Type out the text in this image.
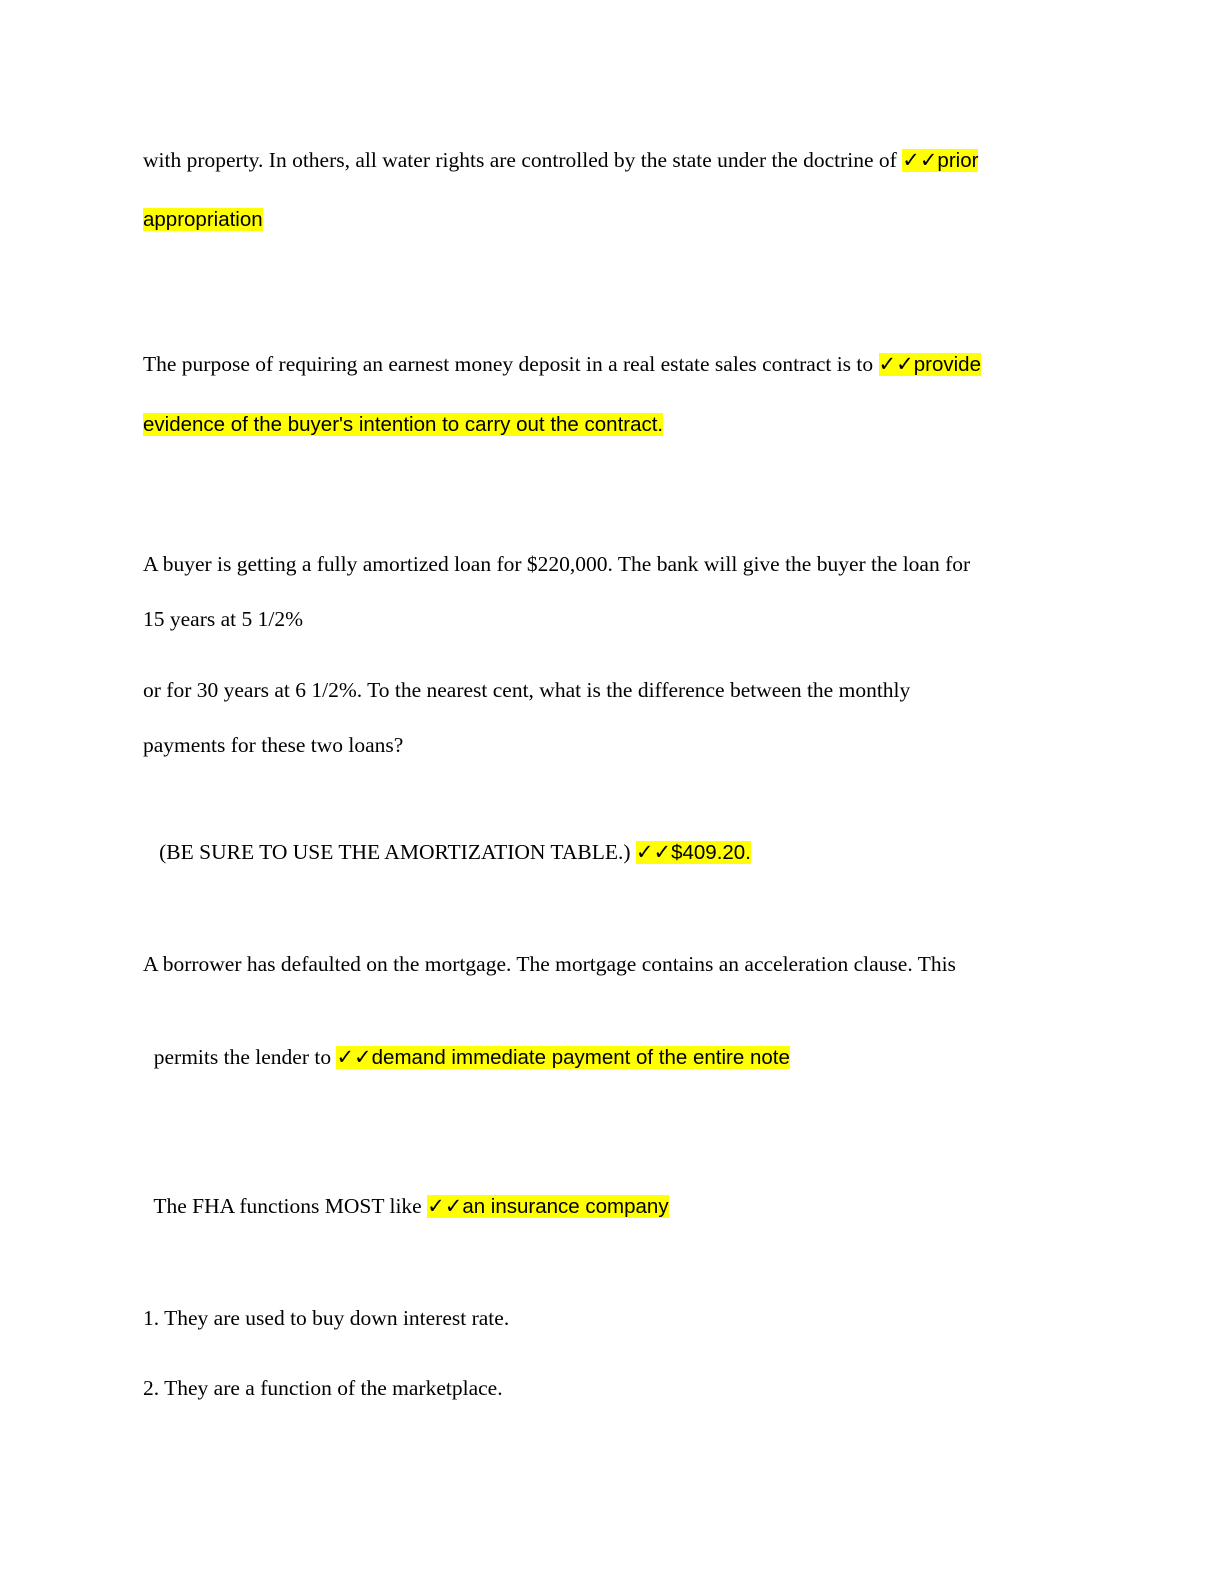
with property. In others, all water rights are controlled by the state under the doctrine of ✓✓prior
appropriation
The purpose of requiring an earnest money deposit in a real estate sales contract is to ✓✓provide
evidence of the buyer's intention to carry out the contract.
A buyer is getting a fully amortized loan for $220,000. The bank will give the buyer the loan for
15 years at 5 1/2%
or for 30 years at 6 1/2%. To the nearest cent, what is the difference between the monthly
payments for these two loans?

(BE SURE TO USE THE AMORTIZATION TABLE.) ✓✓$409.20.

A borrower has defaulted on the mortgage. The mortgage contains an acceleration clause. This

permits the lender to ✓✓demand immediate payment of the entire note

The FHA functions MOST like ✓✓an insurance company

1. They are used to buy down interest rate.
2. They are a function of the marketplace.
